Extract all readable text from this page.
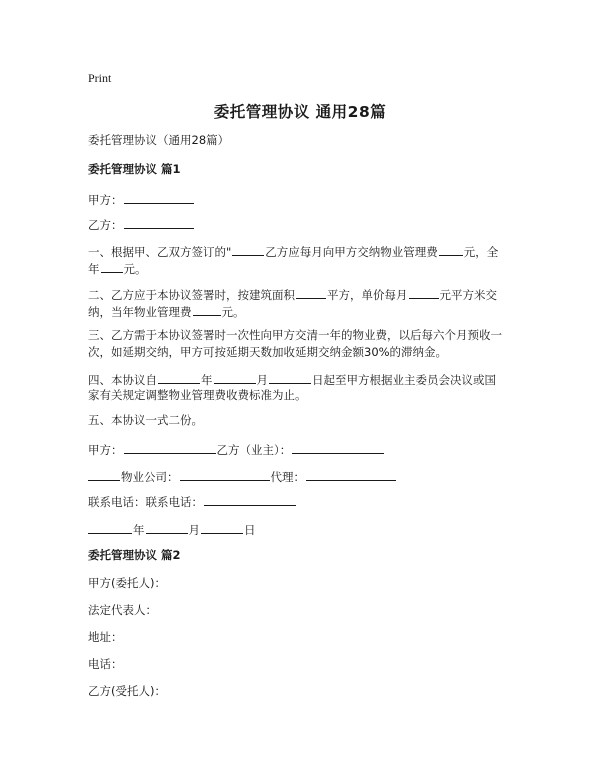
Print
委托管理协议 通用28篇
委托管理协议（通用28篇）
委托管理协议 篇1
甲方：
乙方：
一、根据甲、乙双方签订的"	乙方应每月向甲方交纳物业管理费 元，全
年 元。
二、乙方应于本协议签署时，按建筑面积	平方，单价每月	元平方米交
纳，当年物业管理费	元。
三、乙方需于本协议签署时一次性向甲方交清一年的物业费，以后每六个月预收一
次，如延期交纳，甲方可按延期天数加收延期交纳金额30%的滞纳金。
四、本协议自	年	月	日起至甲方根据业主委员会决议或国
家有关规定调整物业管理费收费标准为止。
五、本协议一式二份。
甲方：	乙方（业主）：
物业公司：	代理：
联系电话：联系电话：
年	月	日
委托管理协议 篇2
甲方(委托人)：
法定代表人：
地址：
电话：
乙方(受托人)：
